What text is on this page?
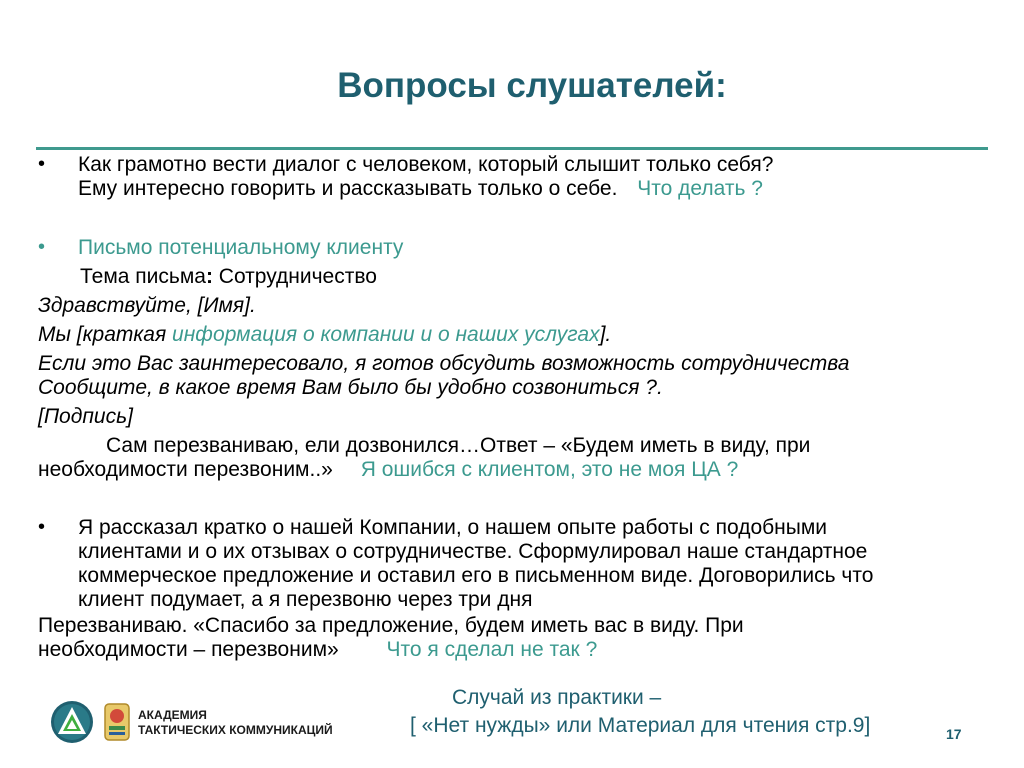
Вопросы слушателей:
• Как грамотно вести диалог с человеком, который слышит только себя?
Ему интересно говорить и рассказывать только о себе. Что делать ?
• Письмо потенциальному клиенту
Тема письма: Сотрудничество
Здравствуйте, [Имя].
Мы [краткая информация о компании и о наших услугах].
Если это Вас заинтересовало, я готов обсудить возможность сотрудничества
Сообщите, в какое время Вам было бы удобно созвониться ?.
[Подпись]
Сам перезваниваю, ели дозвонился…Ответ – «Будем иметь в виду, при
необходимости перезвоним..» Я ошибся с клиентом, это не моя ЦА ?
• Я рассказал кратко о нашей Компании, о нашем опыте работы с подобными
клиентами и о их отзывах о сотрудничестве. Сформулировал наше стандартное
коммерческое предложение и оставил его в письменном виде. Договорились что
клиент подумает, а я перезвоню через три дня
Перезваниваю. «Спасибо за предложение, будем иметь вас в виду. При
необходимости – перезвоним» Что я сделал не так ?
АКАДЕМИЯ
ТАКТИЧЕСКИХ КОММУНИКАЦИЙ
Случай из практики –
[ «Нет нужды» или Материал для чтения стр.9]	17
